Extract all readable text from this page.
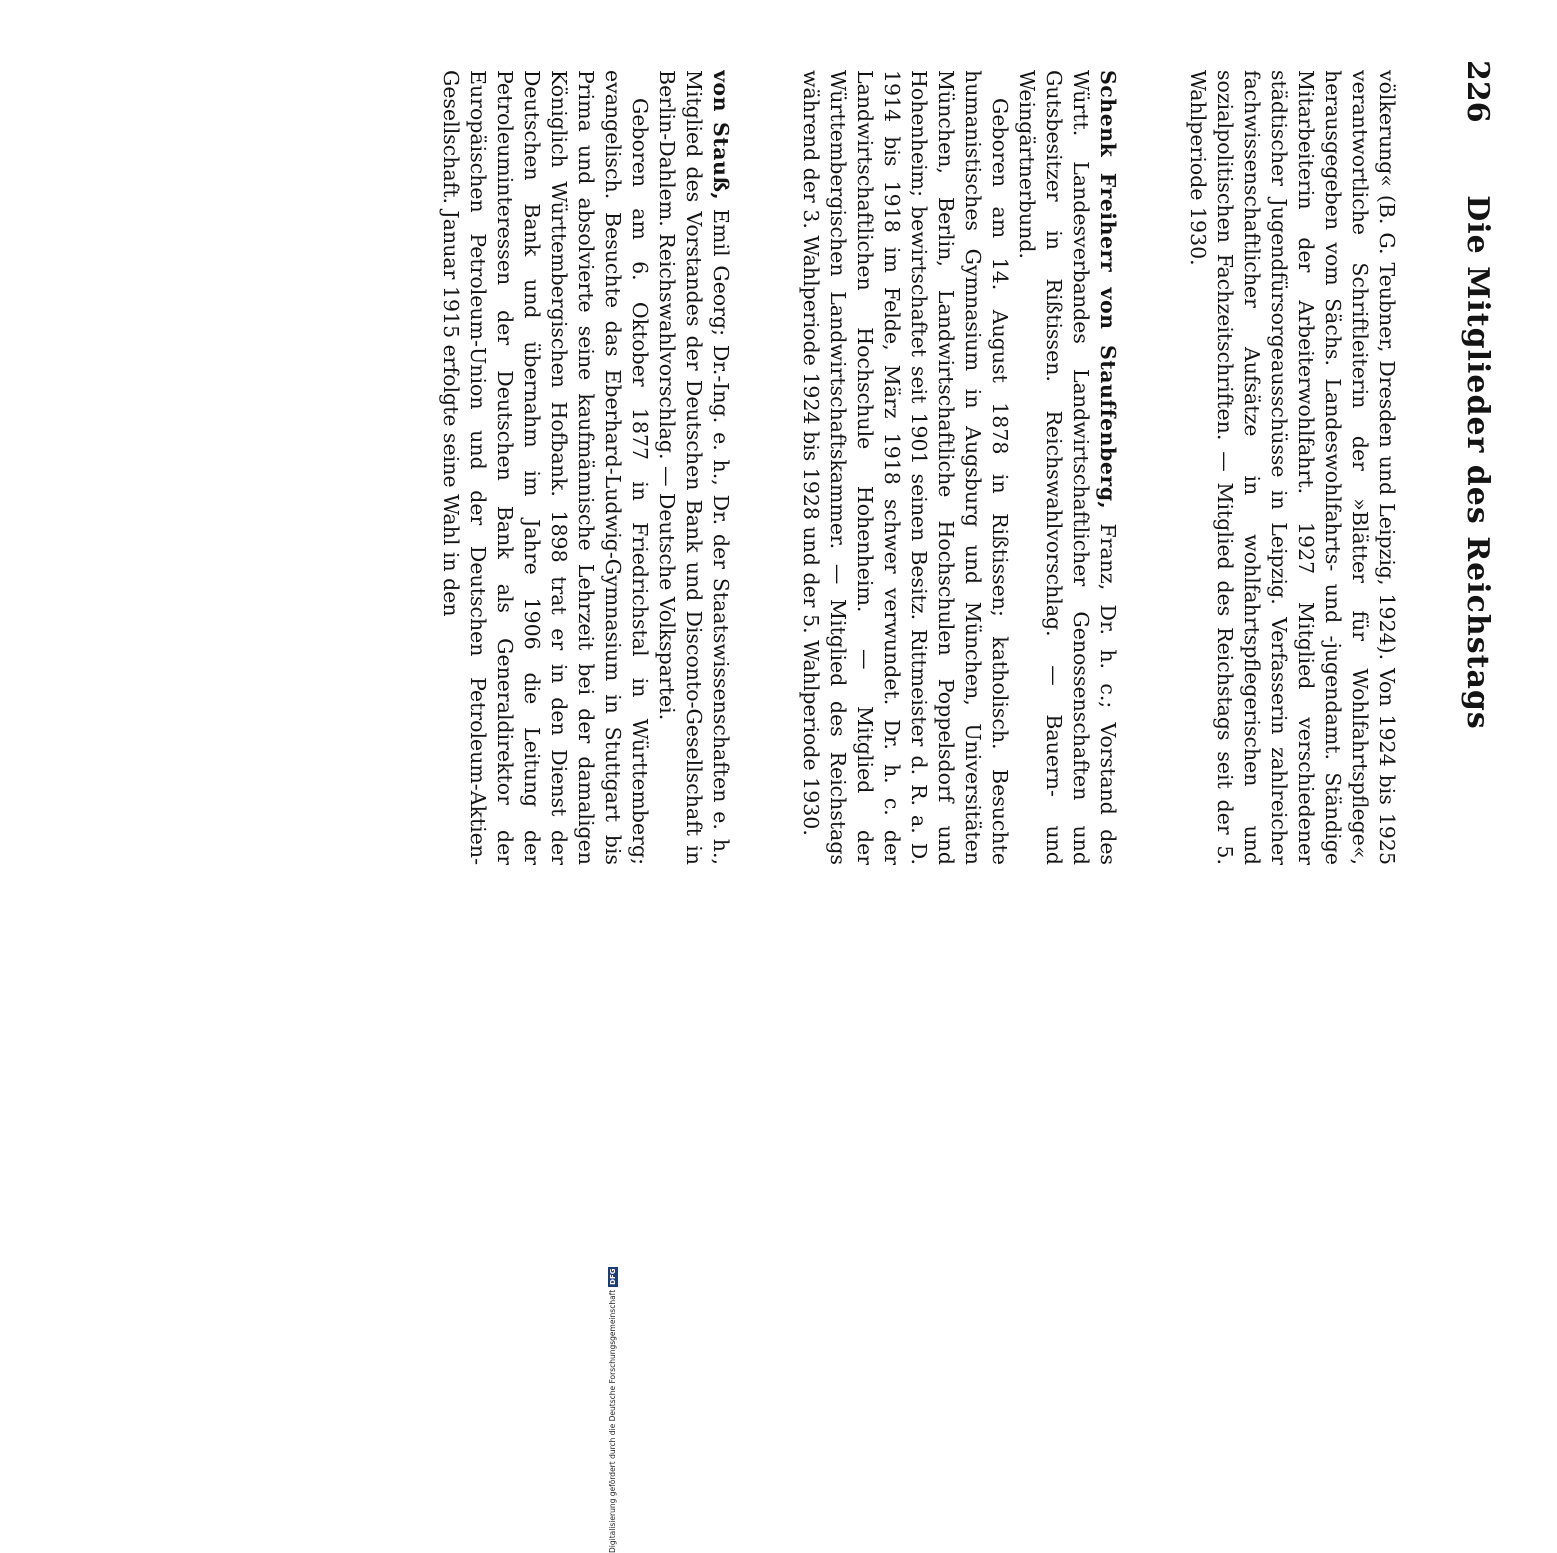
226
Die Mitglieder des Reichstags

völkerung« (B. G. Teubner, Dresden und Leipzig, 1924). Von 1924 bis 1925 verantwortliche Schriftleiterin der »Blätter für Wohlfahrtspflege«, herausgegeben vom Sächs. Landeswohlfahrts- und -jugendamt. Ständige Mitarbeiterin der Arbeiterwohlfahrt. 1927 Mitglied verschiedener städtischer Jugendfürsorgeausschüsse in Leipzig. Verfasserin zahlreicher fachwissenschaftlicher Aufsätze in wohlfahrtspflegerischen und sozialpolitischen Fachzeitschriften. — Mitglied des Reichstags seit der 5. Wahlperiode 1930.

Schenk Freiherr von Stauffenberg, Franz, Dr. h. c.; Vorstand des Württ. Landesverbandes Landwirtschaftlicher Genossenschaften und Gutsbesitzer in Rißtissen. Reichswahlvorschlag. — Bauern- und Weingärtnerbund.

Geboren am 14. August 1878 in Rißtissen; katholisch. Besuchte humanistisches Gymnasium in Augsburg und München, Universitäten München, Berlin, Landwirtschaftliche Hochschulen Poppelsdorf und Hohenheim; bewirtschaftet seit 1901 seinen Besitz. Rittmeister d. R. a. D. 1914 bis 1918 im Felde, März 1918 schwer verwundet. Dr. h. c. der Landwirtschaftlichen Hochschule Hohenheim. — Mitglied der Württembergischen Landwirtschaftskammer. — Mitglied des Reichstags während der 3. Wahlperiode 1924 bis 1928 und der 5. Wahlperiode 1930.

von Stauß, Emil Georg; Dr.-Ing. e. h., Dr. der Staatswissenschaften e. h., Mitglied des Vorstandes der Deutschen Bank und Disconto-Gesellschaft in Berlin-Dahlem. Reichswahlvorschlag. — Deutsche Volkspartei.

Geboren am 6. Oktober 1877 in Friedrichstal in Württemberg; evangelisch. Besuchte das Eberhard-Ludwig-Gymnasium in Stuttgart bis Prima und absolvierte seine kaufmännische Lehrzeit bei der damaligen Königlich Württembergischen Hofbank. 1898 trat er in den Dienst der Deutschen Bank und übernahm im Jahre 1906 die Leitung der Petroleuminteressen der Deutschen Bank als Generaldirektor der Europäischen Petroleum-Union und der Deutschen Petroleum-Aktien-Gesellschaft. Januar 1915 erfolgte seine Wahl in den

Digitalisierung gefördert durch die Deutsche ForschungsgemeinschaftDFG
